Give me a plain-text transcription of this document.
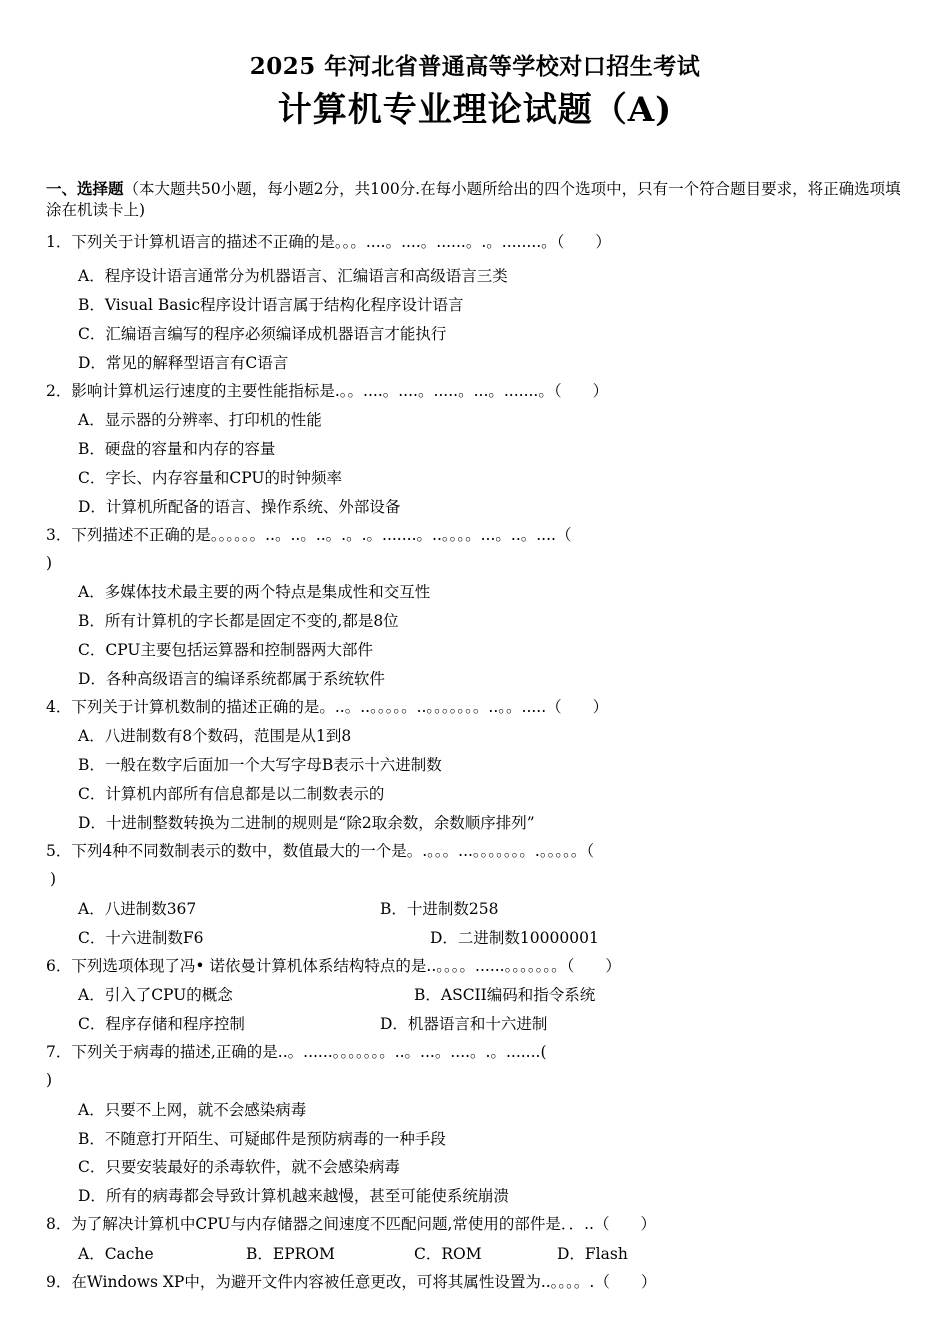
2025 年河北省普通高等学校对口招生考试
计算机专业理论试题（A)
一、选择题（本大题共50小题，每小题2分，共100分.在每小题所给出的四个选项中，只有一个符合题目要求，将正确选项填涂在机读卡上)
1．下列关于计算机语言的描述不正确的是。。。....。....。......。.。........。（　　）
A．程序设计语言通常分为机器语言、汇编语言和高级语言三类
B．Visual Basic程序设计语言属于结构化程序设计语言
C．汇编语言编写的程序必须编译成机器语言才能执行
D．常见的解释型语言有C语言
2．影响计算机运行速度的主要性能指标是.。。....。....。.....。...。.......。（　　）
A．显示器的分辨率、打印机的性能
B．硬盘的容量和内存的容量
C．字长、内存容量和CPU的时钟频率
D．计算机所配备的语言、操作系统、外部设备
3．下列描述不正确的是。。。。。。..。..。..。.。.。.......。..。。。。...。..。....（
)
A．多媒体技术最主要的两个特点是集成性和交互性
B．所有计算机的字长都是固定不变的,都是8位
C．CPU主要包括运算器和控制器两大部件
D．各种高级语言的编译系统都属于系统软件
4．下列关于计算机数制的描述正确的是。..。..。。。。。..。。。。。。。..。。.....（　　）
A．八进制数有8个数码，范围是从1到8
B．一般在数字后面加一个大写字母B表示十六进制数
C．计算机内部所有信息都是以二制数表示的
D．十进制整数转换为二进制的规则是“除2取余数，余数顺序排列”
5．下列4种不同数制表示的数中，数值最大的一个是。.。。。...。。。。。。。.。。。。。（
)
A．八进制数367	B．十进制数258
C．十六进制数F6	D．二进制数10000001
6．下列选项体现了冯• 诺依曼计算机体系结构特点的是..。。。。......。。。。。。。（　　）
A．引入了CPU的概念	B．ASCII编码和指令系统
C．程序存储和程序控制	D．机器语言和十六进制
7．下列关于病毒的描述,正确的是..。......。。。。。。。..。...。....。.。.......(
)
A．只要不上网，就不会感染病毒
B．不随意打开陌生、可疑邮件是预防病毒的一种手段
C．只要安装最好的杀毒软件，就不会感染病毒
D．所有的病毒都会导致计算机越来越慢，甚至可能使系统崩溃
8．为了解决计算机中CPU与内存储器之间速度不匹配问题,常使用的部件是．．..（　　）
A．Cache	B．EPROM	C．ROM	D．Flash
9．在Windows XP中，为避开文件内容被任意更改，可将其属性设置为..。。。。.（　　）
